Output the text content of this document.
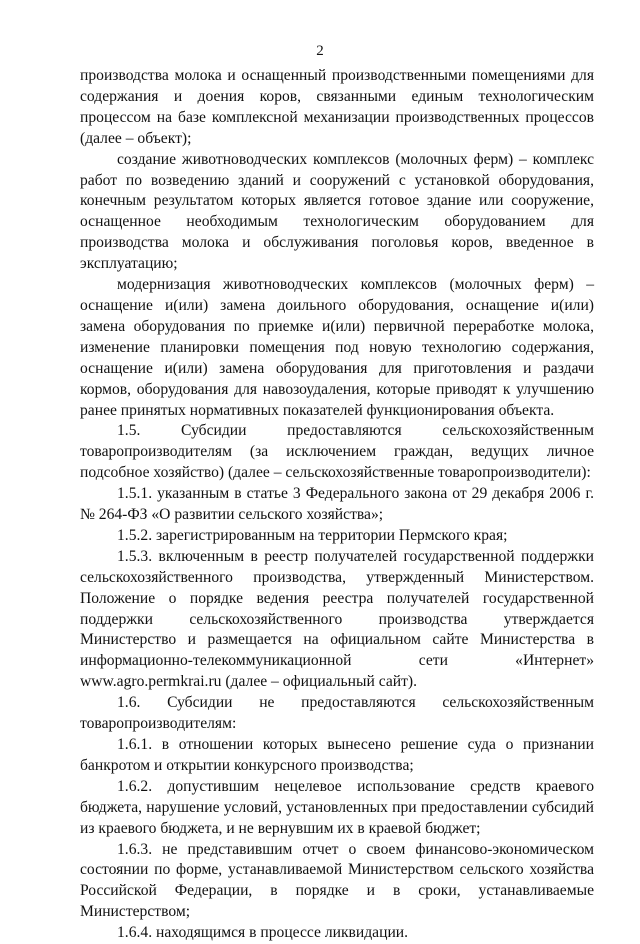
2

производства молока и оснащенный производственными помещениями для содержания и доения коров, связанными единым технологическим процессом на базе комплексной механизации производственных процессов (далее – объект);

создание животноводческих комплексов (молочных ферм) – комплекс работ по возведению зданий и сооружений с установкой оборудования, конечным результатом которых является готовое здание или сооружение, оснащенное необходимым технологическим оборудованием для производства молока и обслуживания поголовья коров, введенное в эксплуатацию;

модернизация животноводческих комплексов (молочных ферм) – оснащение и(или) замена доильного оборудования, оснащение и(или) замена оборудования по приемке и(или) первичной переработке молока, изменение планировки помещения под новую технологию содержания, оснащение и(или) замена оборудования для приготовления и раздачи кормов, оборудования для навозоудаления, которые приводят к улучшению ранее принятых нормативных показателей функционирования объекта.

1.5. Субсидии предоставляются сельскохозяйственным товаропроизводителям (за исключением граждан, ведущих личное подсобное хозяйство) (далее – сельскохозяйственные товаропроизводители):

1.5.1. указанным в статье 3 Федерального закона от 29 декабря 2006 г. № 264-ФЗ «О развитии сельского хозяйства»;

1.5.2. зарегистрированным на территории Пермского края;

1.5.3. включенным в реестр получателей государственной поддержки сельскохозяйственного производства, утвержденный Министерством. Положение о порядке ведения реестра получателей государственной поддержки сельскохозяйственного производства утверждается Министерство и размещается на официальном сайте Министерства в информационно-телекоммуникационной сети «Интернет» www.agro.permkrai.ru (далее – официальный сайт).

1.6. Субсидии не предоставляются сельскохозяйственным товаропроизводителям:

1.6.1. в отношении которых вынесено решение суда о признании банкротом и открытии конкурсного производства;

1.6.2. допустившим нецелевое использование средств краевого бюджета, нарушение условий, установленных при предоставлении субсидий из краевого бюджета, и не вернувшим их в краевой бюджет;

1.6.3. не представившим отчет о своем финансово-экономическом состоянии по форме, устанавливаемой Министерством сельского хозяйства Российской Федерации, в порядке и в сроки, устанавливаемые Министерством;

1.6.4. находящимся в процессе ликвидации.
